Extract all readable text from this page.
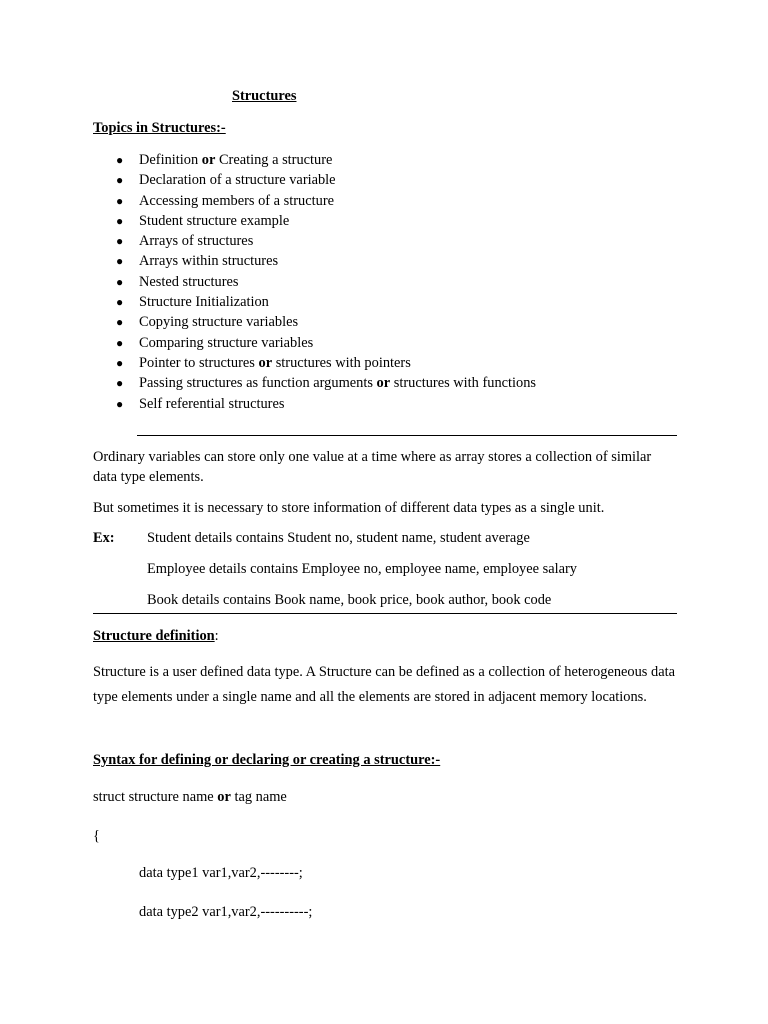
Structures
Topics in Structures:-
● Definition or Creating a structure
● Declaration of a structure variable
● Accessing members of a structure
● Student structure example
● Arrays of structures
● Arrays within structures
● Nested structures
● Structure Initialization
● Copying structure variables
● Comparing structure variables
● Pointer to structures or structures with pointers
● Passing structures as function arguments or structures with functions
● Self referential structures
Ordinary variables can store only one value at a time where as array stores a collection of similar data type elements.
But sometimes it is necessary to store information of different data types as a single unit.
Ex: Student details contains Student no, student name, student average
Employee details contains Employee no, employee name, employee salary
Book details contains Book name, book price, book author, book code
Structure definition:
Structure is a user defined data type. A Structure can be defined as a collection of heterogeneous data type elements under a single name and all the elements are stored in adjacent memory locations.
Syntax for defining or declaring or creating a structure:-
struct structure name or tag name
{
data type1 var1,var2,--------;
data type2 var1,var2,----------;
